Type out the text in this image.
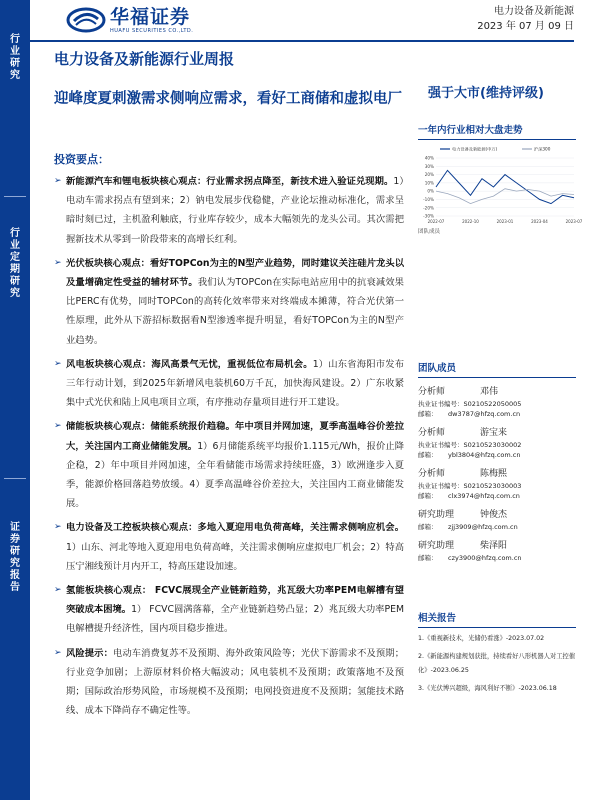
行业研究
行业定期研究
证券研究报告
华福证券
HUAFU SECURITIES CO.,LTD.
电力设备及新能源
2023 年 07 月 09 日
电力设备及新能源行业周报
迎峰度夏刺激需求侧响应需求，看好工商储和虚拟电厂	强于大市(维持评级)
投资要点：
➢ 新能源汽车和锂电板块核心观点：行业需求拐点降至，新技术进入验证兑现期。1）电动车需求拐点有望到来；2）钠电发展步伐稳健，产业论坛推动标准化，需求呈暗时刻已过，主机盈利触底，行业库存较少，成本大幅领先的龙头公司。其次需把握新技术从零到一阶段带来的高增长红利。
➢ 光伏板块核心观点：看好TOPCon为主的N型产业趋势，同时建议关注硅片龙头以及量增确定性受益的辅材环节。我们认为TOPCon在实际电站应用中的抗衰减效果比PERC有优势，同时TOPCon的高转化效率带来对终端成本摊薄，符合光伏第一性原理，此外从下游招标数据看N型渗透率提升明显，看好TOPCon为主的N型产业趋势。
➢ 风电板块核心观点：海风高景气无忧，重视低位布局机会。1）山东省海阳市发布三年行动计划，到2025年新增风电装机60万千瓦，加快海风建设。2）广东收紧集中式光伏和陆上风电项目立项，有序推动存量项目进行开工建设。
➢ 储能板块核心观点：储能系统报价趋稳。年中项目并网加速，夏季高温峰谷价差拉大，关注国内工商业储能发展。1）6月储能系统平均报价1.115元/Wh，报价止降企稳，2）年中项目并网加速，全年看储能市场需求持续旺盛，3）欧洲逢步入夏季，能源价格回落趋势放缓。4）夏季高温峰谷价差拉大，关注国内工商业储能发展。
➢ 电力设备及工控板块核心观点：多地入夏迎用电负荷高峰，关注需求侧响应机会。1）山东、河北等地入夏迎用电负荷高峰，关注需求侧响应虚拟电厂机会；2）特高压宁湘线预计月内开工，特高压建设加速。
➢ 氢能板块核心观点： FCVC展现全产业链新趋势，兆瓦级大功率PEM电解槽有望突破成本困境。1） FCVC圆满落幕，全产业链新趋势凸显；2）兆瓦级大功率PEM电解槽提升经济性，国内项目稳步推进。
➢ 风险提示：电动车消费复苏不及预期、海外政策风险等；光伏下游需求不及预期；行业竞争加剧；上游原材料价格大幅波动；风电装机不及预期；政策落地不及预期；国际政治形势风险，市场规模不及预期；电网投资进度不及预期；氢能技术路线、成本下降尚存不确定性等。
一年内行业相对大盘走势
40%
30%
20%
10%
0%
-10%
-20%
-30%
2022-07	2022-10	2023-01	2023-04	2023-07
电力设备及新能源(申万)	沪深300
团队成员
团队成员
分析师	邓伟
执业证书编号：S0210522050005
邮箱： dw3787@hfzq.com.cn
分析师	游宝来
执业证书编号：S0210523030002
邮箱： ybl3804@hfzq.com.cn
分析师	陈梅熙
执业证书编号：S0210523030003
邮箱： clx3974@hfzq.com.cn
研究助理	钟俊杰
邮箱： zjj3909@hfzq.com.cn
研究助理	柴泽阳
邮箱： czy3900@hfzq.com.cn
相关报告
1.《重视新技术，光储仍看涨》-2023.07.02
2.《新能源构建规划获批，持续看好八形机器人对工控催化》-2023.06.25
3.《光伏博兴超级，海风利好不断》-2023.06.18
